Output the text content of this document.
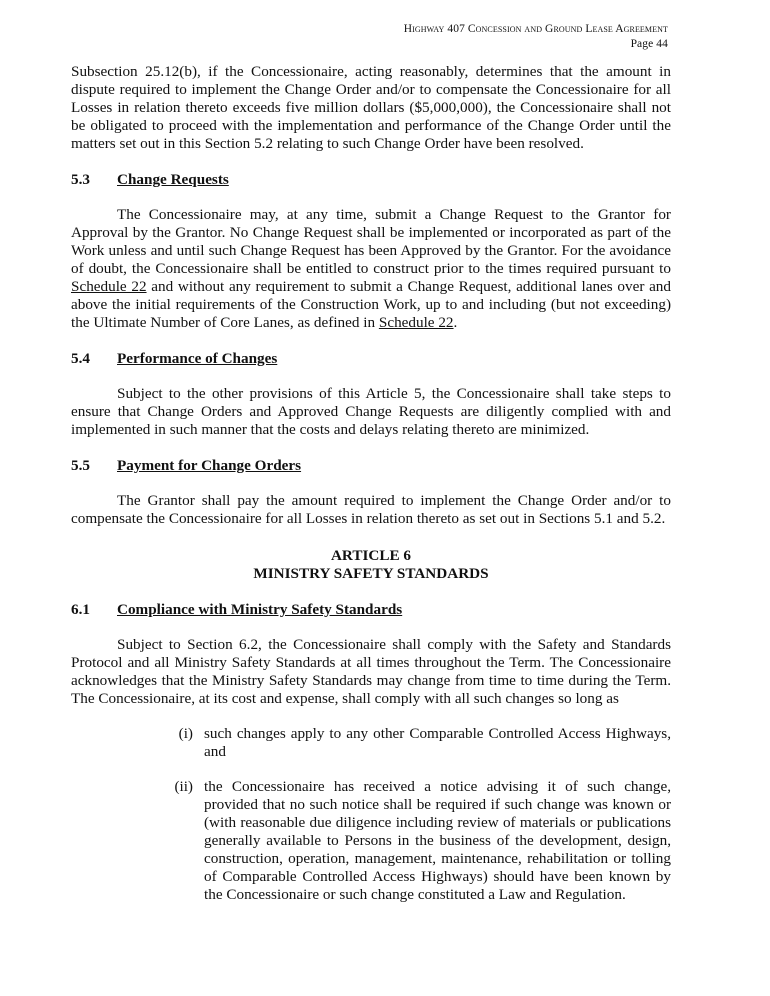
Highway 407 Concession and Ground Lease Agreement
Page 44

Subsection 25.12(b), if the Concessionaire, acting reasonably, determines that the amount in dispute required to implement the Change Order and/or to compensate the Concessionaire for all Losses in relation thereto exceeds five million dollars ($5,000,000), the Concessionaire shall not be obligated to proceed with the implementation and performance of the Change Order until the matters set out in this Section 5.2 relating to such Change Order have been resolved.

5.3	Change Requests

The Concessionaire may, at any time, submit a Change Request to the Grantor for Approval by the Grantor. No Change Request shall be implemented or incorporated as part of the Work unless and until such Change Request has been Approved by the Grantor. For the avoidance of doubt, the Concessionaire shall be entitled to construct prior to the times required pursuant to Schedule 22 and without any requirement to submit a Change Request, additional lanes over and above the initial requirements of the Construction Work, up to and including (but not exceeding) the Ultimate Number of Core Lanes, as defined in Schedule 22.

5.4	Performance of Changes

Subject to the other provisions of this Article 5, the Concessionaire shall take steps to ensure that Change Orders and Approved Change Requests are diligently complied with and implemented in such manner that the costs and delays relating thereto are minimized.

5.5	Payment for Change Orders

The Grantor shall pay the amount required to implement the Change Order and/or to compensate the Concessionaire for all Losses in relation thereto as set out in Sections 5.1 and 5.2.

ARTICLE 6
MINISTRY SAFETY STANDARDS
6.1	Compliance with Ministry Safety Standards

Subject to Section 6.2, the Concessionaire shall comply with the Safety and Standards Protocol and all Ministry Safety Standards at all times throughout the Term. The Concessionaire acknowledges that the Ministry Safety Standards may change from time to time during the Term. The Concessionaire, at its cost and expense, shall comply with all such changes so long as

(i) such changes apply to any other Comparable Controlled Access Highways, and
(ii) the Concessionaire has received a notice advising it of such change, provided that no such notice shall be required if such change was known or (with reasonable due diligence including review of materials or publications generally available to Persons in the business of the development, design, construction, operation, management, maintenance, rehabilitation or tolling of Comparable Controlled Access Highways) should have been known by the Concessionaire or such change constituted a Law and Regulation.
